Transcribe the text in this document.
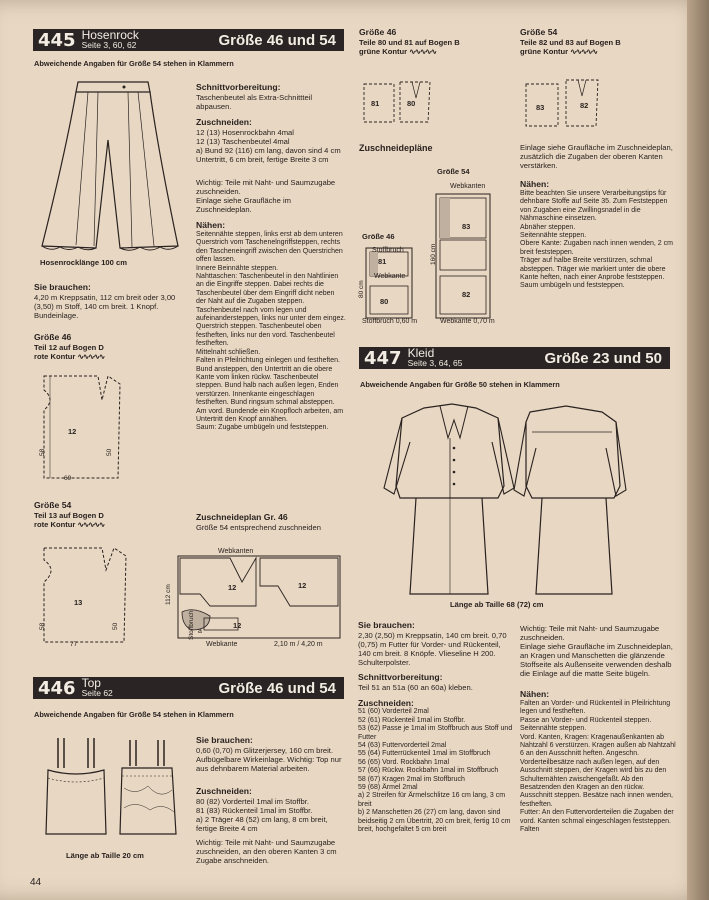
445 Hosenrock
Seite 3, 60, 62	Größe 46 und 54
Abweichende Angaben für Größe 54 stehen in Klammern
Hosenrocklänge 100 cm
Sie brauchen:

4,20 m Kreppsatin, 112 cm breit oder 3,00 (3,50) m Stoff, 140 cm breit. 1 Knopf. Bundeinlage.

Größe 46

Teil 12 auf Bogen D

rote Kontur ∿∿∿∿∿

12
58	50
69
Größe 54

Teil 13 auf Bogen D

rote Kontur ∿∿∿∿∿

13
58	50
77
Schnittvorbereitung:

Taschenbeutel als Extra-Schnittteil abpausen.

Zuschneiden:

12 (13) Hosenrockbahn 4mal

12 (13) Taschenbeutel 4mal

a) Bund 92 (116) cm lang, davon sind 4 cm Untertritt, 6 cm breit, fertige Breite 3 cm

Wichtig: Teile mit Naht- und Saumzugabe zuschneiden.

Einlage siehe Graufläche im Zuschneideplan.

Nähen:

Seitennähte steppen, links erst ab dem unteren Querstrich vom Taschenelngriffsteppen, rechts den Tascheneingriff zwischen den Querstrichen offen lassen.
Innere Beinnähte steppen.
Nahttaschen: Taschenbeutel in den Nahtlinien an die Eingriffe steppen. Dabei rechts die Taschenbeutel über dem Eingriff dicht neben der Naht auf die Zugaben steppen. Taschenbeutel nach vorn legen und aufeinandersteppen, links nur unter dem eingez. Querstrich steppen. Taschenbeutel oben festheften, links nur den vord. Taschenbeutel festheften.
Mittelnaht schließen.
Falten in Pfeilrichtung einlegen und festheften.
Bund ansteppen, den Untertritt an die obere Kante vom linken rückw. Taschenbeutel steppen. Bund halb nach außen legen, Enden verstürzen. Innenkante eingeschlagen festheften. Bund ringsum schmal absteppen. Am vord. Bundende ein Knopfloch arbeiten, am Untertritt den Knopf annähen.
Saum: Zugabe umbügeln und feststeppen.

Zuschneideplan Gr. 46

Größe 54 entsprechend zuschneiden

Webkanten
12	12
12
a
112 cm
Stoffbruch
Webkante	2,10 m / 4,20 m
446 Top
Seite 62	Größe 46 und 54
Abweichende Angaben für Größe 54 stehen in Klammern
Länge ab Taille 20 cm
Sie brauchen:

0,60 (0,70) m Glitzerjersey, 160 cm breit. Aufbügelbare Wirkeinlage. Wichtig: Top nur aus dehnbarem Material arbeiten.

Zuschneiden:

80 (82) Vorderteil 1mal im Stoffbr.

81 (83) Rückenteil 1mal im Stoffbr.

a) 2 Träger 48 (52) cm lang, 8 cm breit, fertige Breite 4 cm

Wichtig: Teile mit Naht- und Saumzugabe zuschneiden, an den oberen Kanten 3 cm Zugabe anschneiden.

Größe 46

Teile 80 und 81 auf Bogen B

grüne Kontur ∿∿∿∿∿

Größe 54

Teile 82 und 83 auf Bogen B

grüne Kontur ∿∿∿∿∿

81	80	83	82
Zuschneidepläne
Größe 54
Größe 46
Webkanten
83
82
160 cm
Webkante 0,70 m
Stoffbruch
81
Webkante
80
80 cm
Stoffbruch 0,60 m

Einlage siehe Graufläche im Zuschneideplan, zusätzlich die Zugaben der oberen Kanten verstärken.

Nähen:

Bitte beachten Sie unsere Verarbeitungstips für dehnbare Stoffe auf Seite 35. Zum Feststeppen von Zugaben eine Zwillingsnadel in die Nähmaschine einsetzen.
Abnäher steppen.
Seitennähte steppen.
Obere Kante: Zugaben nach innen wenden, 2 cm breit feststeppen.
Träger auf halbe Breite verstürzen, schmal absteppen. Träger wie markiert unter die obere Kante heften, nach einer Anprobe feststeppen.
Saum umbügeln und feststeppen.

447 Kleid
Seite 3, 64, 65	Größe 23 und 50
Abweichende Angaben für Größe 50 stehen in Klammern
Länge ab Taille 68 (72) cm
Sie brauchen:

2,30 (2,50) m Kreppsatin, 140 cm breit. 0,70 (0,75) m Futter für Vorder- und Rückenteil, 140 cm breit. 8 Knöpfe. Vlieseline H 200. Schulterpolster.

Schnittvorbereitung:

Teil 51 an 51a (60 an 60a) kleben.

Zuschneiden:

51 (60) Vorderteil 2mal

52 (61) Rückenteil 1mal im Stoffbr.

53 (62) Passe je 1mal im Stoffbruch aus Stoff und Futter

54 (63) Futtervorderteil 2mal

55 (64) Futterrückenteil 1mal im Stoffbruch

56 (65) Vord. Rockbahn 1mal

57 (66) Rückw. Rockbahn 1mal im Stoffbruch

58 (67) Kragen 2mal im Stoffbruch

59 (68) Ärmel 2mal

a) 2 Streifen für Ärmelschlitze 16 cm lang, 3 cm breit

b) 2 Manschetten 26 (27) cm lang, davon sind beidseitig 2 cm Übertritt, 20 cm breit, fertig 10 cm breit, hochgefaltet 5 cm breit

Wichtig: Teile mit Naht- und Saumzugabe zuschneiden.

Einlage siehe Graufläche im Zuschneideplan, an Kragen und Manschetten die glänzende Stoffseite als Außenseite verwenden deshalb die Einlage auf die matte Seite bügeln.

Nähen:

Falten an Vorder- und Rückenteil in Pfeilrichtung legen und festheften.
Passe an Vorder- und Rückenteil steppen.
Seitennähte steppen.
Vord. Kanten, Kragen: Kragenaußenkanten ab Nahtzahl 6 verstürzen. Kragen außen ab Nahtzahl 6 an den Ausschnitt heften. Angeschn. Vorderteilbesätze nach außen legen, auf den Ausschnitt steppen, der Kragen wird bis zu den Schulternähten zwischengefaßt. Ab den Besatzenden den Kragen an den rückw. Ausschnitt steppen. Besätze nach innen wenden, festheften.
Futter: An den Futtervorderteilen die Zugaben der vord. Kanten schmal eingeschlagen feststeppen. Falten

44
